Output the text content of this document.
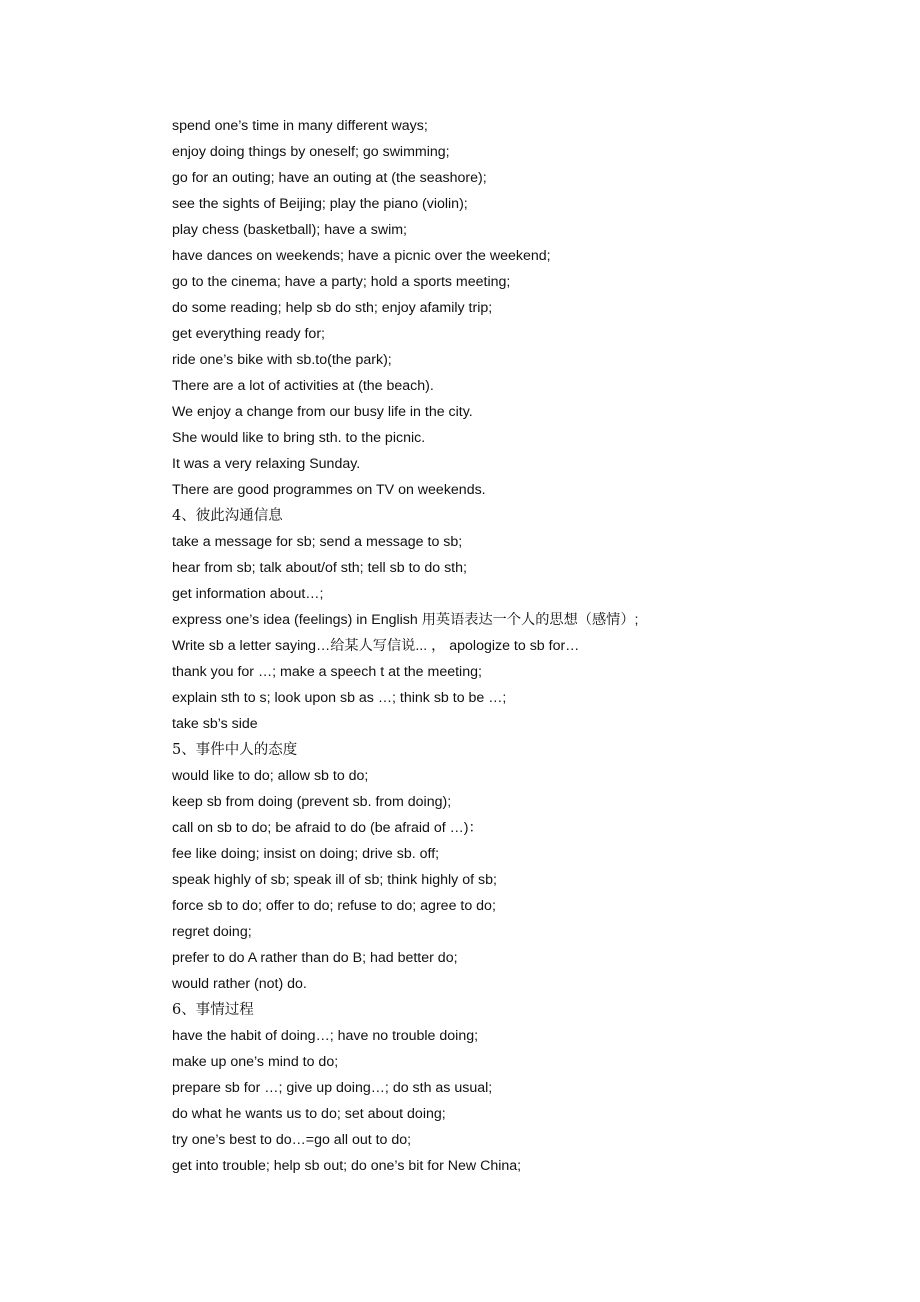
spend one’s time in many different ways;
enjoy doing things by oneself; go swimming;
go for an outing; have an outing at (the seashore);
see the sights of Beijing; play the piano (violin);
play chess (basketball); have a swim;
have dances on weekends; have a picnic over the weekend;
go to the cinema; have a party; hold a sports meeting;
do some reading; help sb do sth; enjoy afamily trip;
get everything ready for;
ride one’s bike with sb.to(the park);
There are a lot of activities at (the beach).
We enjoy a change from our busy life in the city.
She would like to bring sth. to the picnic.
It was a very relaxing Sunday.
There are good programmes on TV on weekends.
4、彼此沟通信息
take a message for sb; send a message to sb;
hear from sb; talk about/of sth; tell sb to do sth;
get information about…;
express one’s idea (feelings) in English 用英语表达一个人的思想（感情）;
Write sb a letter saying…给某人写信说... ， apologize to sb for…
thank you for …; make a speech t at the meeting;
explain sth to s; look upon sb as …; think sb to be …;
take sb’s side
5、事件中人的态度
would like to do; allow sb to do;
keep sb from doing (prevent sb. from doing);
call on sb to do; be afraid to do (be afraid of …)：
fee like doing; insist on doing; drive sb. off;
speak highly of sb; speak ill of sb; think highly of sb;
force sb to do; offer to do; refuse to do; agree to do;
regret doing;
prefer to do A rather than do B; had better do;
would rather (not) do.
6、事情过程
have the habit of doing…; have no trouble doing;
make up one’s mind to do;
prepare sb for …; give up doing…; do sth as usual;
do what he wants us to do; set about doing;
try one’s best to do…=go all out to do;
get into trouble; help sb out; do one’s bit for New China;
